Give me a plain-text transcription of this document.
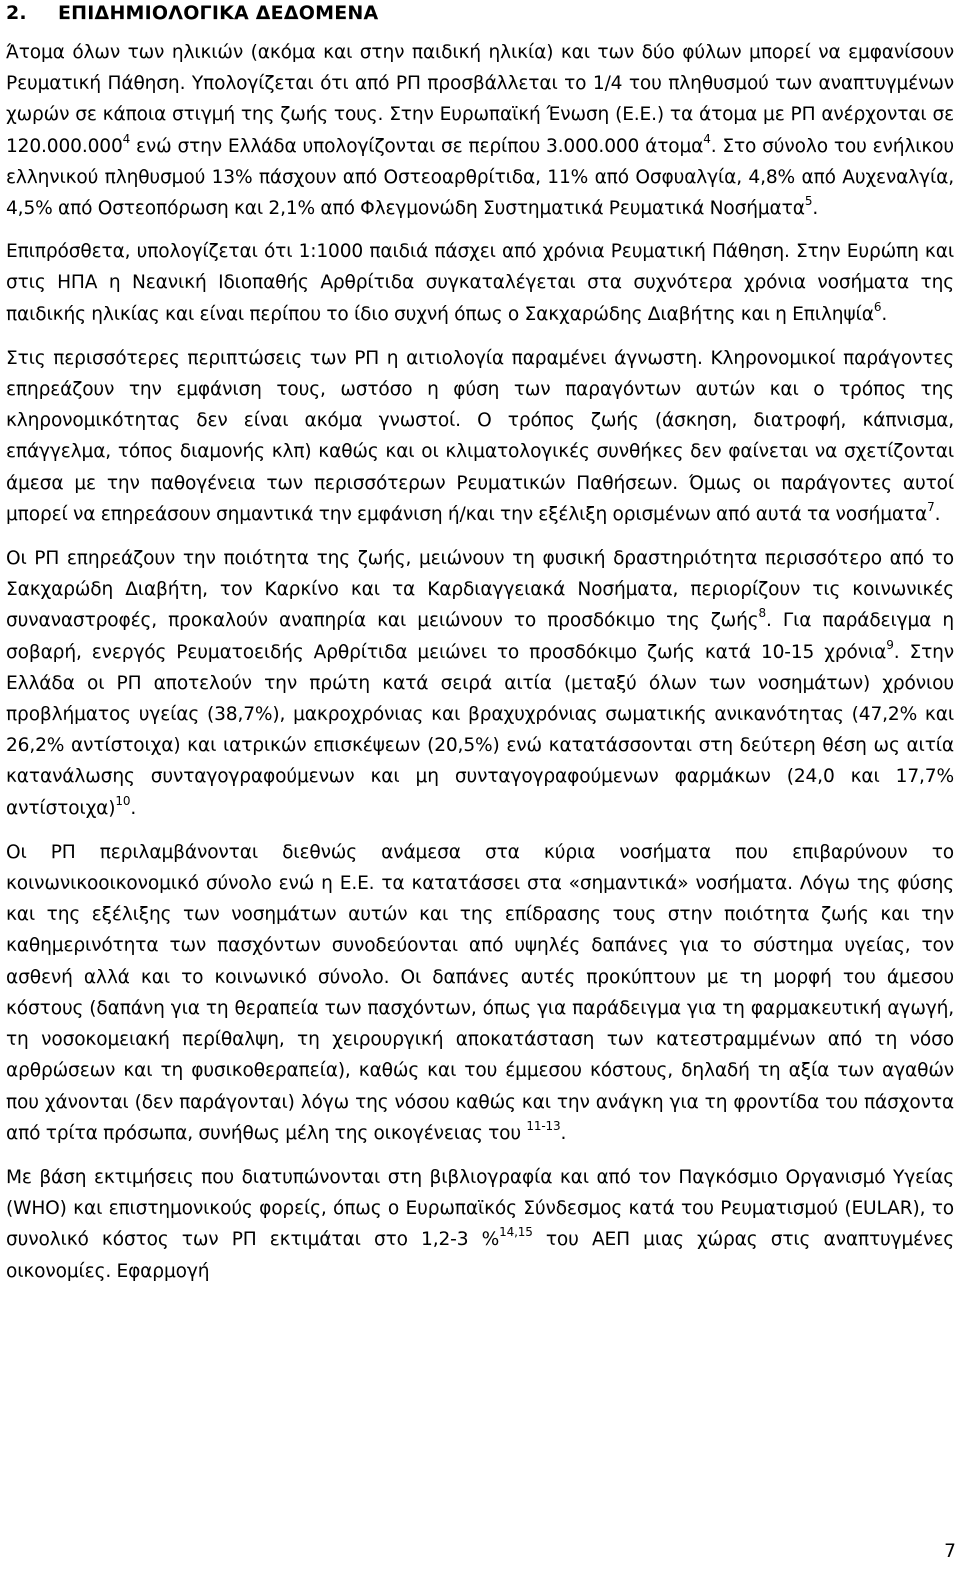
2. ΕΠΙΔΗΜΙΟΛΟΓΙΚΑ ΔΕΔΟΜΕΝΑ

Άτομα όλων των ηλικιών (ακόμα και στην παιδική ηλικία) και των δύο φύλων μπορεί να εμφανίσουν Ρευματική Πάθηση. Υπολογίζεται ότι από ΡΠ προσβάλλεται το 1/4 του πληθυσμού των αναπτυγμένων χωρών σε κάποια στιγμή της ζωής τους. Στην Ευρωπαϊκή Ένωση (Ε.Ε.) τα άτομα με ΡΠ ανέρχονται σε 120.000.000$^4$ ενώ στην Ελλάδα υπολογίζονται σε περίπου 3.000.000 άτομα$^4$. Στο σύνολο του ενήλικου ελληνικού πληθυσμού 13% πάσχουν από Οστεοαρθρίτιδα, 11% από Οσφυαλγία, 4,8% από Αυχεναλγία, 4,5% από Οστεοπόρωση και 2,1% από Φλεγμονώδη Συστηματικά Ρευματικά Νοσήματα$^5$.

Επιπρόσθετα, υπολογίζεται ότι 1:1000 παιδιά πάσχει από χρόνια Ρευματική Πάθηση. Στην Ευρώπη και στις ΗΠΑ η Νεανική Ιδιοπαθής Αρθρίτιδα συγκαταλέγεται στα συχνότερα χρόνια νοσήματα της παιδικής ηλικίας και είναι περίπου το ίδιο συχνή όπως ο Σακχαρώδης Διαβήτης και η Επιληψία$^6$.

Στις περισσότερες περιπτώσεις των ΡΠ η αιτιολογία παραμένει άγνωστη. Κληρονομικοί παράγοντες επηρεάζουν την εμφάνιση τους, ωστόσο η φύση των παραγόντων αυτών και ο τρόπος της κληρονομικότητας δεν είναι ακόμα γνωστοί. Ο τρόπος ζωής (άσκηση, διατροφή, κάπνισμα, επάγγελμα, τόπος διαμονής κλπ) καθώς και οι κλιματολογικές συνθήκες δεν φαίνεται να σχετίζονται άμεσα με την παθογένεια των περισσότερων Ρευματικών Παθήσεων. Όμως οι παράγοντες αυτοί μπορεί να επηρεάσουν σημαντικά την εμφάνιση ή/και την εξέλιξη ορισμένων από αυτά τα νοσήματα$^7$.

Οι ΡΠ επηρεάζουν την ποιότητα της ζωής, μειώνουν τη φυσική δραστηριότητα περισσότερο από το Σακχαρώδη Διαβήτη, τον Καρκίνο και τα Καρδιαγγειακά Νοσήματα, περιορίζουν τις κοινωνικές συναναστροφές, προκαλούν αναπηρία και μειώνουν το προσδόκιμο της ζωής$^8$. Για παράδειγμα η σοβαρή, ενεργός Ρευματοειδής Αρθρίτιδα μειώνει το προσδόκιμο ζωής κατά 10-15 χρόνια$^9$. Στην Ελλάδα οι ΡΠ αποτελούν την πρώτη κατά σειρά αιτία (μεταξύ όλων των νοσημάτων) χρόνιου προβλήματος υγείας (38,7%), μακροχρόνιας και βραχυχρόνιας σωματικής ανικανότητας (47,2% και 26,2% αντίστοιχα) και ιατρικών επισκέψεων (20,5%) ενώ κατατάσσονται στη δεύτερη θέση ως αιτία κατανάλωσης συνταγογραφούμενων και μη συνταγογραφούμενων φαρμάκων (24,0 και 17,7% αντίστοιχα)$^{10}$.

Οι ΡΠ περιλαμβάνονται διεθνώς ανάμεσα στα κύρια νοσήματα που επιβαρύνουν το κοινωνικοοικονομικό σύνολο ενώ η Ε.Ε. τα κατατάσσει στα «σημαντικά» νοσήματα. Λόγω της φύσης και της εξέλιξης των νοσημάτων αυτών και της επίδρασης τους στην ποιότητα ζωής και την καθημερινότητα των πασχόντων συνοδεύονται από υψηλές δαπάνες για το σύστημα υγείας, τον ασθενή αλλά και το κοινωνικό σύνολο. Οι δαπάνες αυτές προκύπτουν με τη μορφή του άμεσου κόστους (δαπάνη για τη θεραπεία των πασχόντων, όπως για παράδειγμα για τη φαρμακευτική αγωγή, τη νοσοκομειακή περίθαλψη, τη χειρουργική αποκατάσταση των κατεστραμμένων από τη νόσο αρθρώσεων και τη φυσικοθεραπεία), καθώς και του έμμεσου κόστους, δηλαδή τη αξία των αγαθών που χάνονται (δεν παράγονται) λόγω της νόσου καθώς και την ανάγκη για τη φροντίδα του πάσχοντα από τρίτα πρόσωπα, συνήθως μέλη της οικογένειας του $^{11-13}$.

Με βάση εκτιμήσεις που διατυπώνονται στη βιβλιογραφία και από τον Παγκόσμιο Οργανισμό Υγείας (WHO) και επιστημονικούς φορείς, όπως ο Ευρωπαϊκός Σύνδεσμος κατά του Ρευματισμού (EULAR), το συνολικό κόστος των ΡΠ εκτιμάται στο 1,2-3 %$^{14,15}$ του ΑΕΠ μιας χώρας στις αναπτυγμένες οικονομίες. Εφαρμογή

7
